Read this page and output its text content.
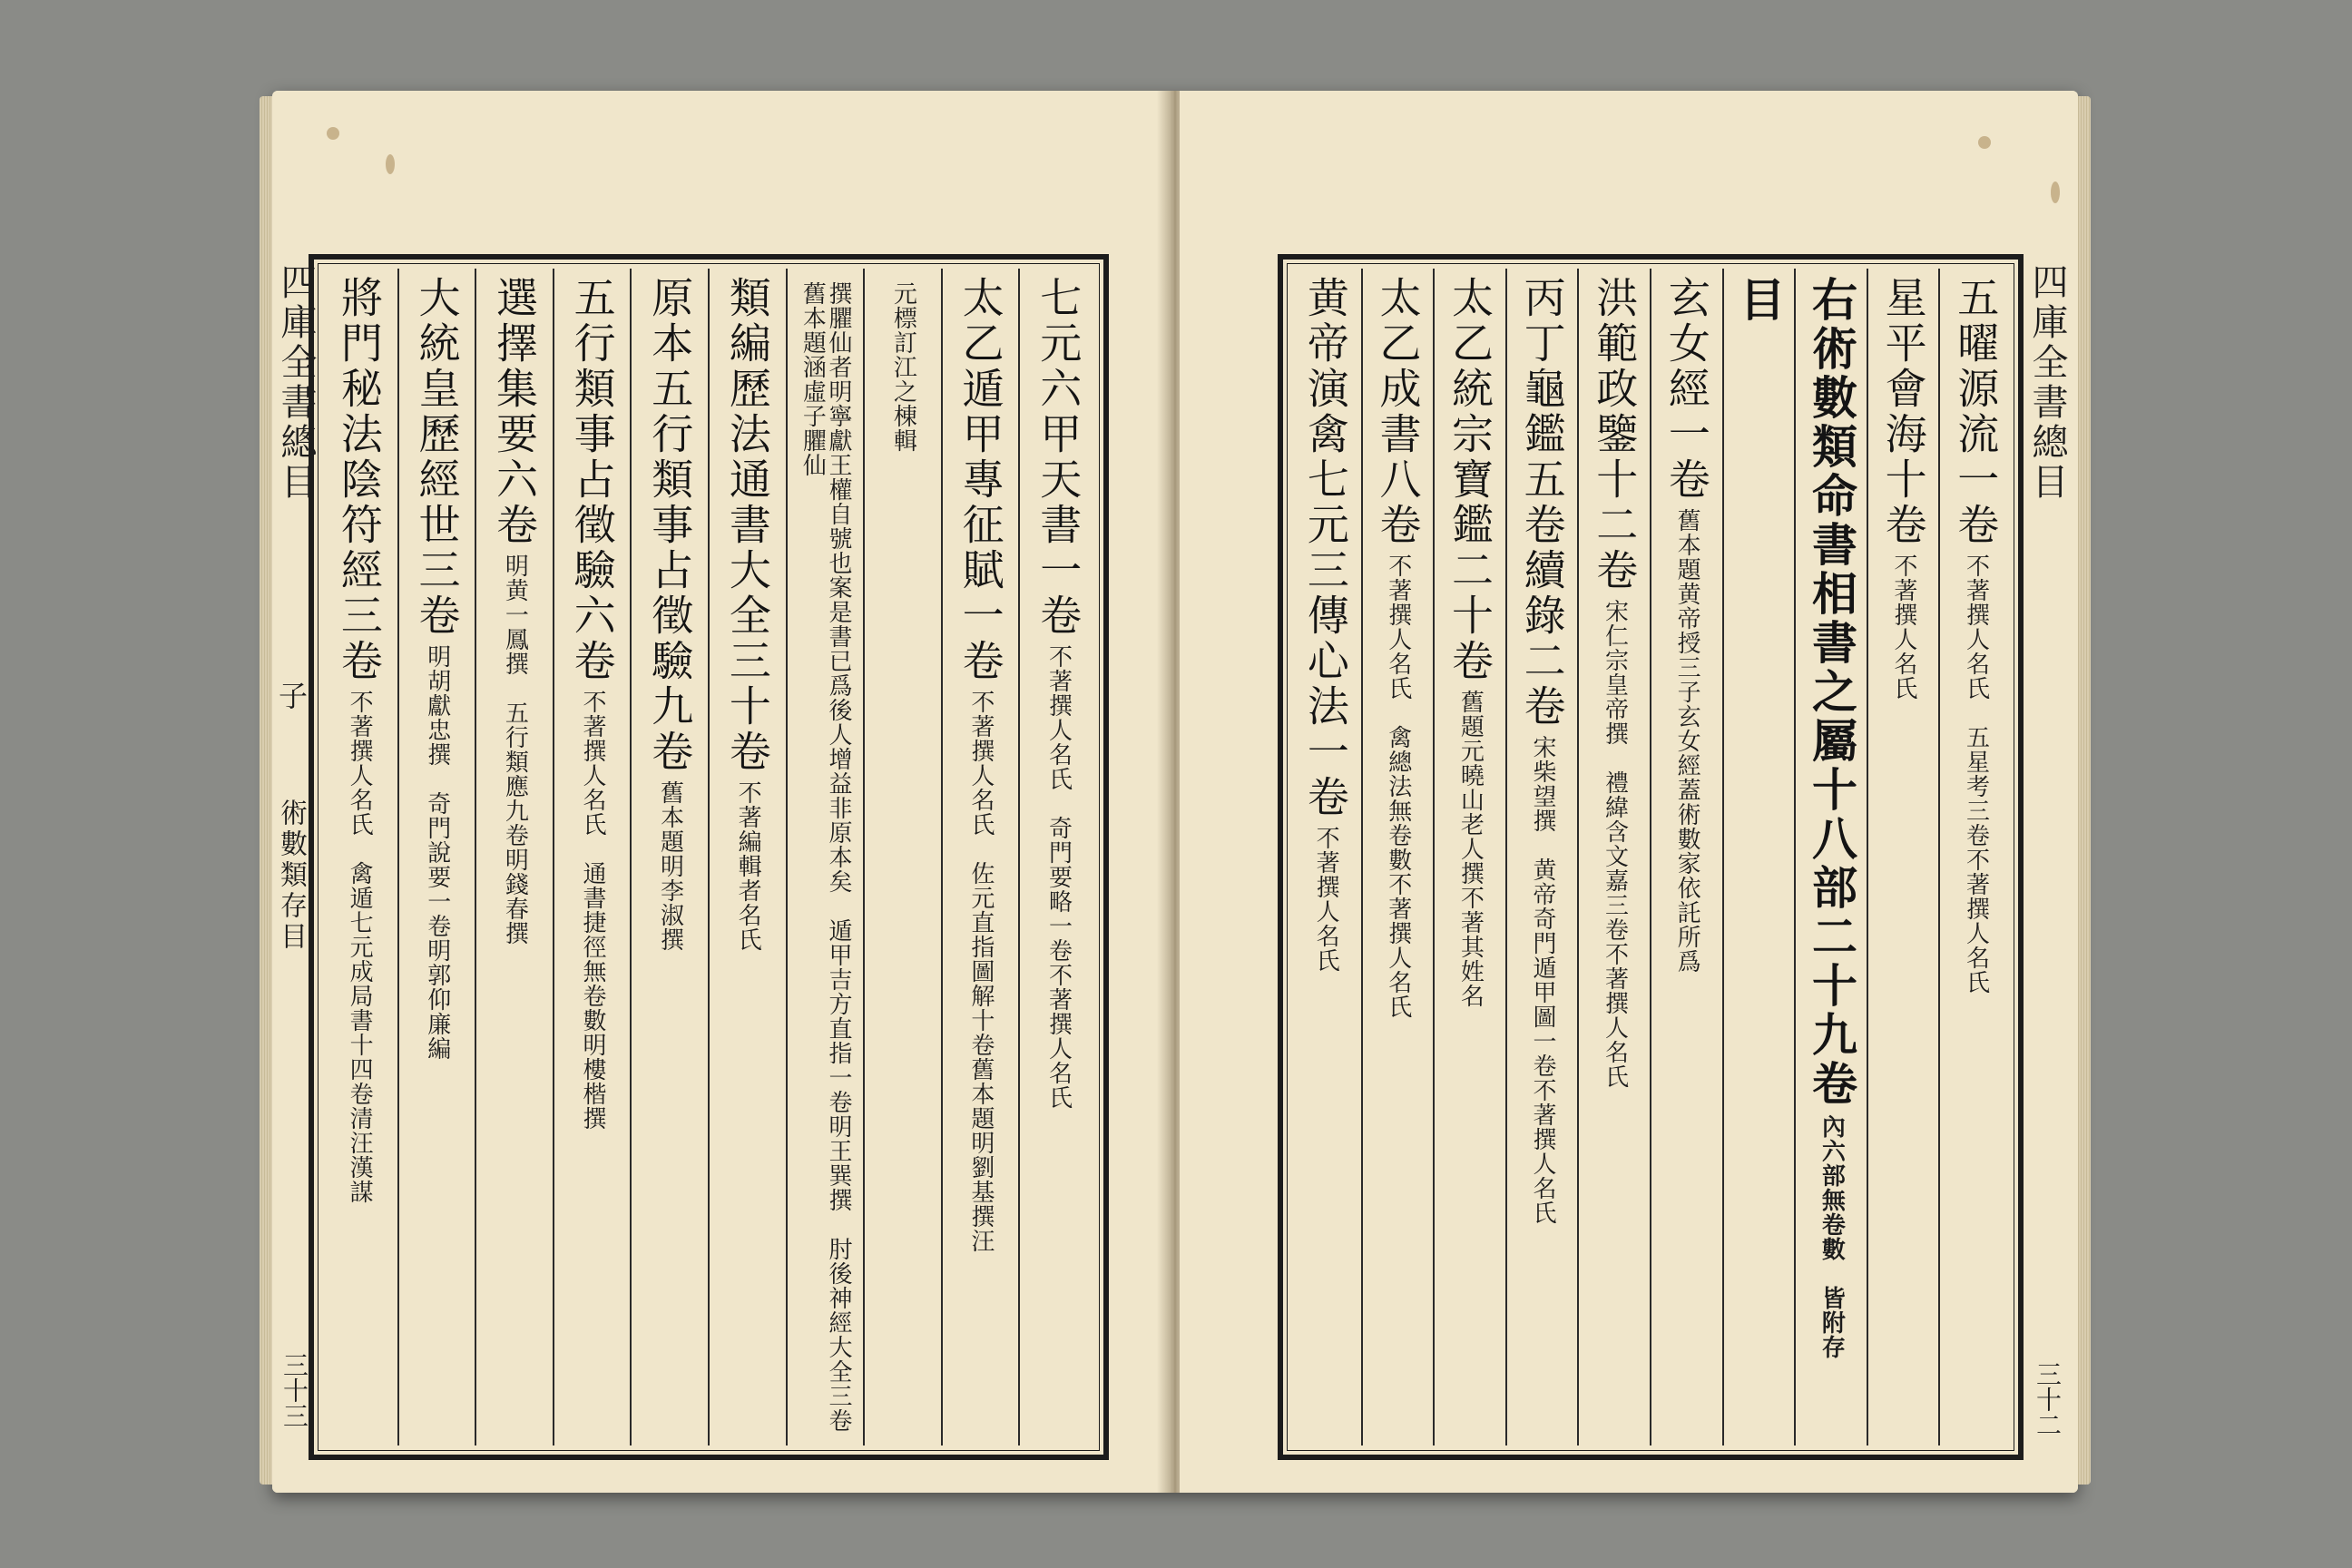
七元六甲天書一卷
不著撰人名氏　奇門要略一卷不著撰人名氏
太乙遁甲專征賦一卷
不著撰人名氏　佐元直指圖解十卷舊本題明劉基撰汪
元標訂江之棟輯
撰臞仙者明寧獻王權自號也案是書已爲後人增益非原本矣　遁甲吉方直指一卷明王巽撰　肘後神經大全三卷舊本題涵虛子臞仙
類編歷法通書大全三十卷
不著編輯者名氏
原本五行類事占徵驗九卷
舊本題明李淑撰
五行類事占徵驗六卷
不著撰人名氏　通書捷徑無卷數明樓楷撰
選擇集要六卷
明黄一鳳撰　五行類應九卷明錢春撰
大統皇歷經世三卷
明胡獻忠撰　奇門說要一卷明郭仰廉編
將門秘法陰符經三卷
不著撰人名氏　禽遁七元成局書十四卷清汪漢謀
四庫全書總目
子
術數類存目
三十三
五曜源流一卷
不著撰人名氏　五星考三卷不著撰人名氏
星平會海十卷
不著撰人名氏
右術數類命書相書之屬十八部二十九卷
內六部無卷數　皆附存
目
玄女經一卷
舊本題黄帝授三子玄女經蓋術數家依託所爲
洪範政鑒十二卷
宋仁宗皇帝撰　禮緯含文嘉三卷不著撰人名氏
丙丁龜鑑五卷續錄二卷
宋柴望撰　黄帝奇門遁甲圖一卷不著撰人名氏
太乙統宗寶鑑二十卷
舊題元曉山老人撰不著其姓名
太乙成書八卷
不著撰人名氏　禽總法無卷數不著撰人名氏
黄帝演禽七元三傳心法一卷
不著撰人名氏
四庫全書總目
三十二
